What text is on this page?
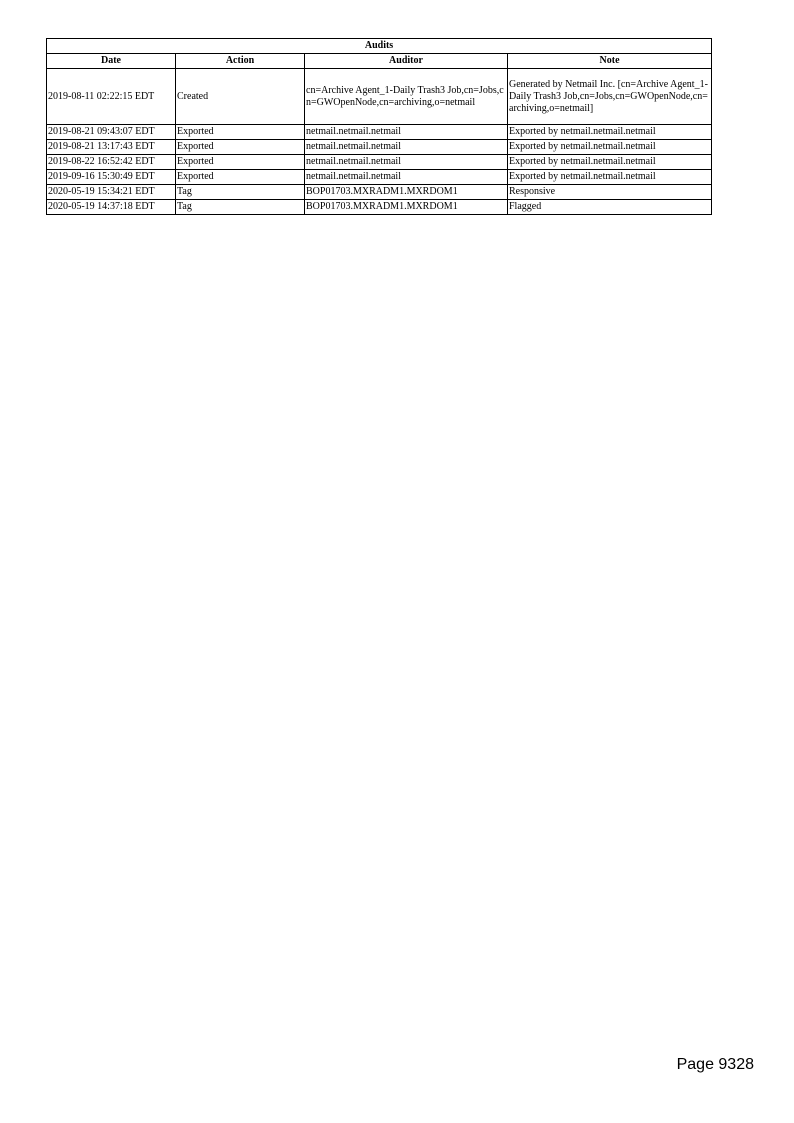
Audits			
Date	Action	Auditor	Note
2019-08-11 02:22:15 EDT	Created	cn=Archive Agent_1-Daily Trash3 Job,cn=Jobs,cn=GWOpenNode,cn=archiving,o=netmail	Generated by Netmail Inc. [cn=Archive Agent_1-Daily Trash3 Job,cn=Jobs,cn=GWOpenNode,cn=archiving,o=netmail]
2019-08-21 09:43:07 EDT	Exported	netmail.netmail.netmail	Exported by netmail.netmail.netmail
2019-08-21 13:17:43 EDT	Exported	netmail.netmail.netmail	Exported by netmail.netmail.netmail
2019-08-22 16:52:42 EDT	Exported	netmail.netmail.netmail	Exported by netmail.netmail.netmail
2019-09-16 15:30:49 EDT	Exported	netmail.netmail.netmail	Exported by netmail.netmail.netmail
2020-05-19 15:34:21 EDT	Tag	BOP01703.MXRADM1.MXRDOM1	Responsive
2020-05-19 14:37:18 EDT	Tag	BOP01703.MXRADM1.MXRDOM1	Flagged
Page 9328
